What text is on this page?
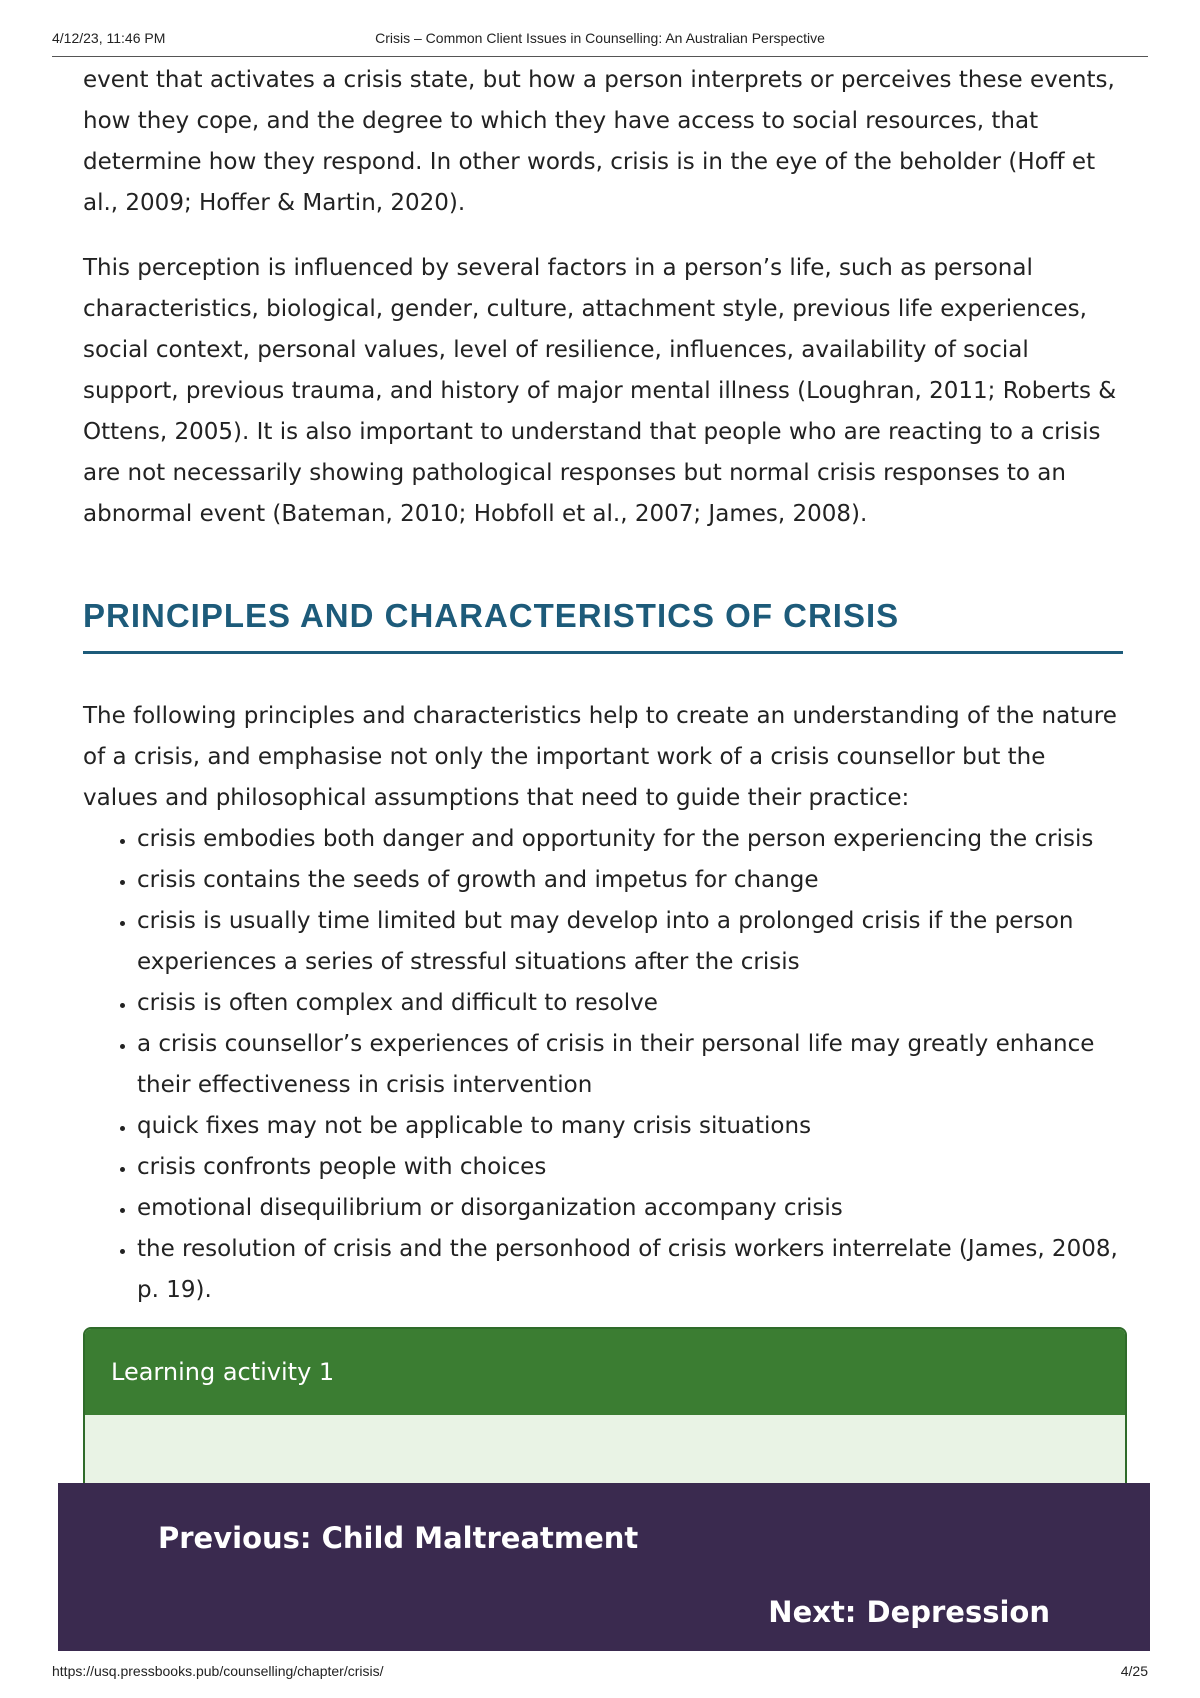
4/12/23, 11:46 PM	Crisis – Common Client Issues in Counselling: An Australian Perspective

event that activates a crisis state, but how a person interprets or perceives these events, how they cope, and the degree to which they have access to social resources, that determine how they respond. In other words, crisis is in the eye of the beholder (Hoff et al., 2009; Hoffer & Martin, 2020).

This perception is influenced by several factors in a person’s life, such as personal characteristics, biological, gender, culture, attachment style, previous life experiences, social context, personal values, level of resilience, influences, availability of social support, previous trauma, and history of major mental illness (Loughran, 2011; Roberts & Ottens, 2005). It is also important to understand that people who are reacting to a crisis are not necessarily showing pathological responses but normal crisis responses to an abnormal event (Bateman, 2010; Hobfoll et al., 2007; James, 2008).

PRINCIPLES AND CHARACTERISTICS OF CRISIS

The following principles and characteristics help to create an understanding of the nature of a crisis, and emphasise not only the important work of a crisis counsellor but the values and philosophical assumptions that need to guide their practice:

• crisis embodies both danger and opportunity for the person experiencing the crisis
• crisis contains the seeds of growth and impetus for change
• crisis is usually time limited but may develop into a prolonged crisis if the person experiences a series of stressful situations after the crisis
• crisis is often complex and difficult to resolve
• a crisis counsellor’s experiences of crisis in their personal life may greatly enhance their effectiveness in crisis intervention
• quick fixes may not be applicable to many crisis situations
• crisis confronts people with choices
• emotional disequilibrium or disorganization accompany crisis
• the resolution of crisis and the personhood of crisis workers interrelate (James, 2008, p. 19).
Learning activity 1
Previous: Child Maltreatment
Next: Depression
https://usq.pressbooks.pub/counselling/chapter/crisis/	4/25
